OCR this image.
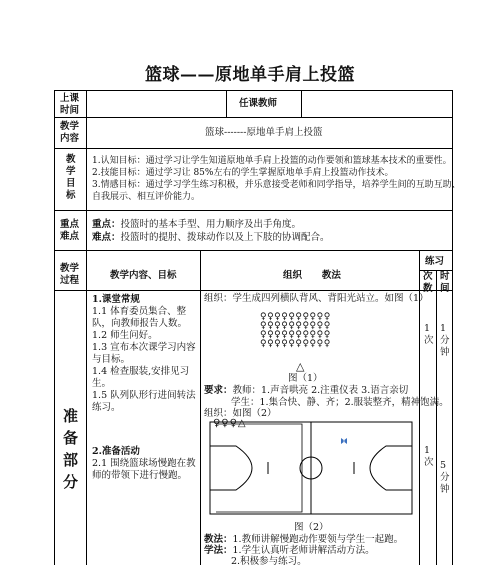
篮球——原地单手肩上投篮
上课
时间
任课教师
教学
内容
篮球-------原地单手肩上投篮
教
学
目
标
1.认知目标：通过学习让学生知道原地单手肩上投篮的动作要领和篮球基本技术的重要性。
2.技能目标：通过学习让 85%左右的学生掌握原地单手肩上投篮动作技术。
3.情感目标：通过学习学生练习积极，并乐意接受老师和同学指导，培养学生间的互助互助、
自我展示、相互评价能力。
重点
难点
重点：投篮时的基本手型、用力顺序及出手角度。
难点：投篮时的提肘、拨球动作以及上下肢的协调配合。
教学
过程	教学内容、目标	组织      教法
练习
次
数
时
间
准
备
部
分
1.课堂常规
1.1 体育委员集合、整队，向教师报告人数。
1.2 师生问好。
1.3 宣布本次课学习内容与目标。
1.4 检查服装,安排见习生。
1.5 队列队形行进间转法练习。
组织：学生成四列横队背风、背阳光站立。如图（1）
♀♀♀♀♀♀♀♀♀♀
♀♀♀♀♀♀♀♀♀♀
♀♀♀♀♀♀♀♀♀♀
♀♀♀♀♀♀♀♀♀♀
△
图（1）
要求：教师：1.声音哄亮 2.注重仪表 3.语言亲切
学生：1.集合快、静、齐；2.服装整齐，精神饱满。
1
次
1
分
钟
组织：如图（2）
2.准备活动
2.1 围绕篮球场慢跑在教师的带领下进行慢跑。
♀♀♀△
图（2）
教法：1.教师讲解慢跑动作要领与学生一起跑。
学法：1.学生认真听老师讲解活动方法。
2.积极参与练习。
1
次 5
分
钟
